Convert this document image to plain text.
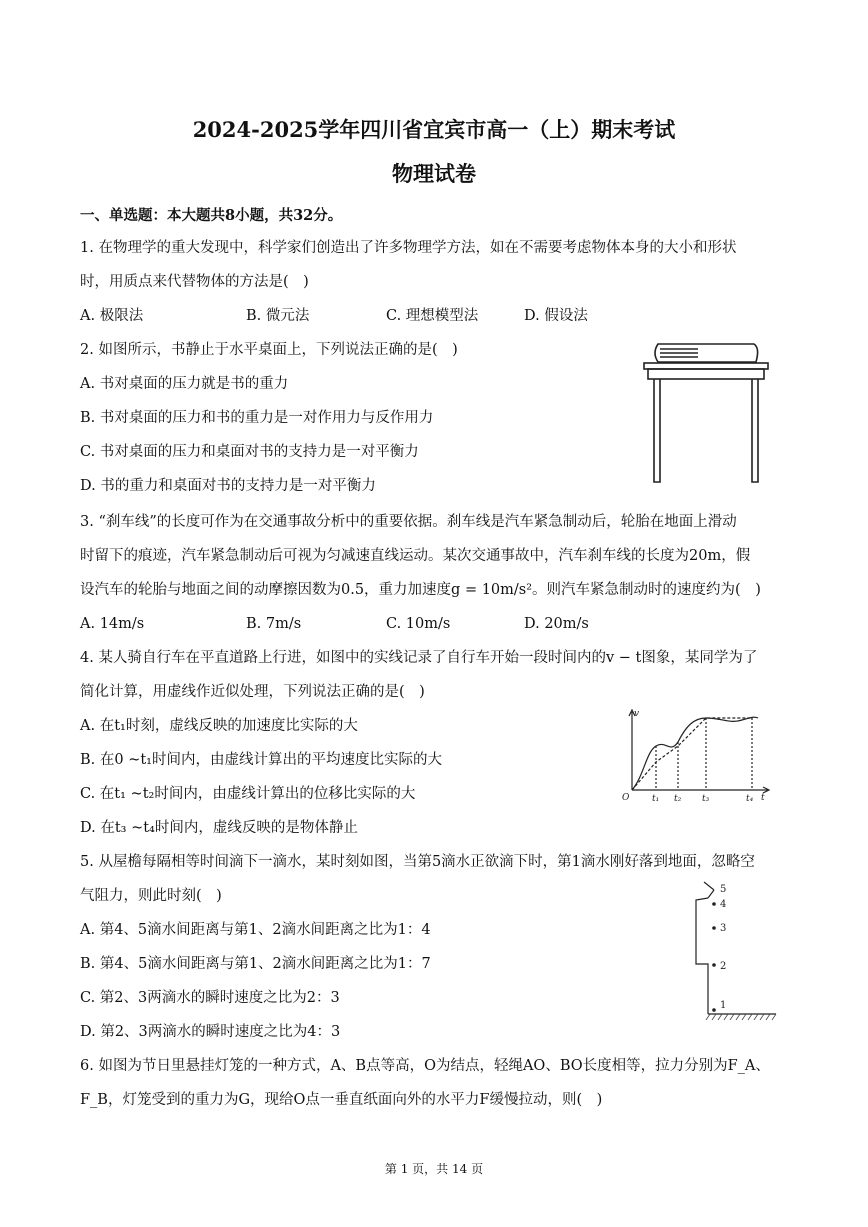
2024-2025学年四川省宜宾市高一（上）期末考试
物理试卷
一、单选题：本大题共8小题，共32分。
1. 在物理学的重大发现中，科学家们创造出了许多物理学方法，如在不需要考虑物体本身的大小和形状
时，用质点来代替物体的方法是(　)
A. 极限法	B. 微元法	C. 理想模型法	D. 假设法
2. 如图所示，书静止于水平桌面上，下列说法正确的是(　)
A. 书对桌面的压力就是书的重力
B. 书对桌面的压力和书的重力是一对作用力与反作用力
C. 书对桌面的压力和桌面对书的支持力是一对平衡力
D. 书的重力和桌面对书的支持力是一对平衡力
3. “刹车线”的长度可作为在交通事故分析中的重要依据。刹车线是汽车紧急制动后，轮胎在地面上滑动
时留下的痕迹，汽车紧急制动后可视为匀减速直线运动。某次交通事故中，汽车刹车线的长度为20m，假
设汽车的轮胎与地面之间的动摩擦因数为0.5，重力加速度g = 10m/s²。则汽车紧急制动时的速度约为(　)
A. 14m/s	B. 7m/s	C. 10m/s	D. 20m/s
4. 某人骑自行车在平直道路上行进，如图中的实线记录了自行车开始一段时间内的v − t图象，某同学为了
简化计算，用虚线作近似处理，下列说法正确的是(　)
A. 在t₁时刻，虚线反映的加速度比实际的大
B. 在0 ~t₁时间内，由虚线计算出的平均速度比实际的大
C. 在t₁ ~t₂时间内，由虚线计算出的位移比实际的大
D. 在t₃ ~t₄时间内，虚线反映的是物体静止
v
O	t
t₁ t₂ t₃	t₄
5. 从屋檐每隔相等时间滴下一滴水，某时刻如图，当第5滴水正欲滴下时，第1滴水刚好落到地面，忽略空
气阻力，则此时刻(　)
A. 第4、5滴水间距离与第1、2滴水间距离之比为1：4
B. 第4、5滴水间距离与第1、2滴水间距离之比为1：7
C. 第2、3两滴水的瞬时速度之比为2：3
D. 第2、3两滴水的瞬时速度之比为4：3
5
4
3
2
1
6. 如图为节日里悬挂灯笼的一种方式，A、B点等高，O为结点，轻绳AO、BO长度相等，拉力分别为F_A、
F_B，灯笼受到的重力为G，现给O点一垂直纸面向外的水平力F缓慢拉动，则(　)
第 1 页，共 14 页
